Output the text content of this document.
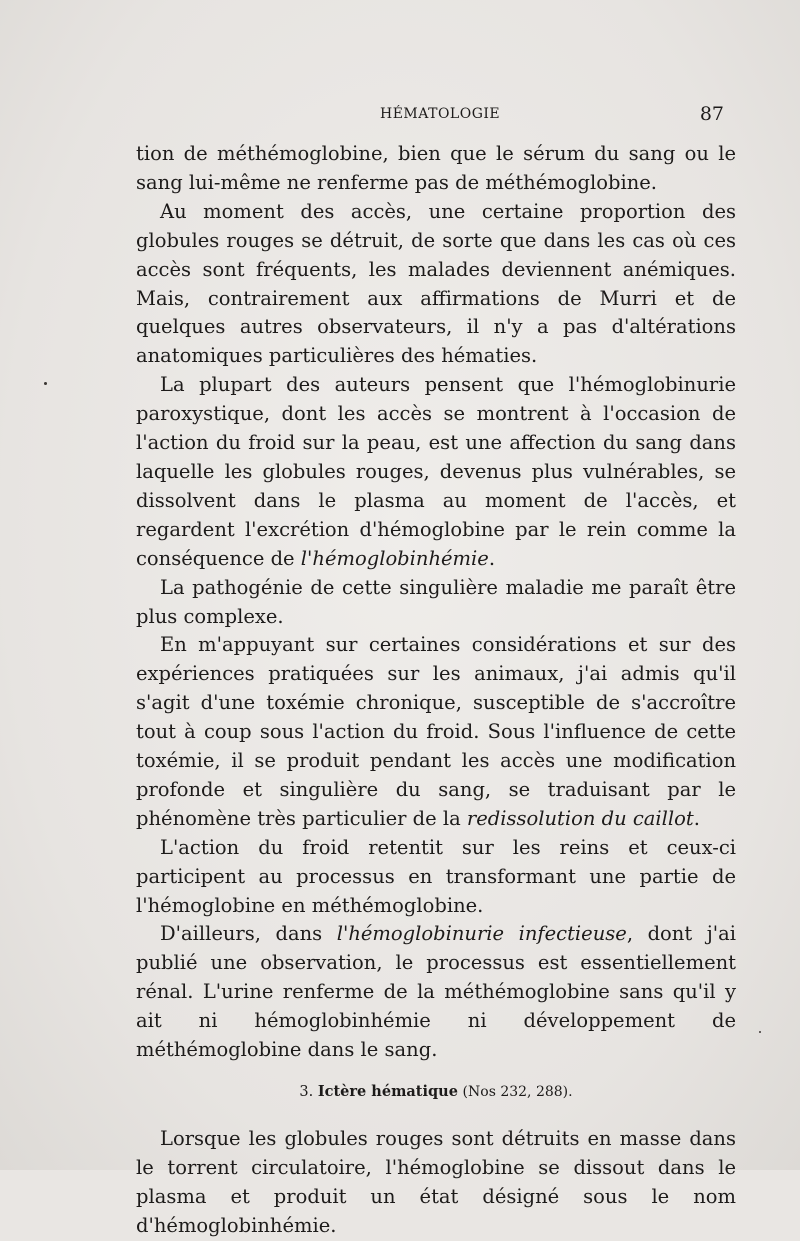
HÉMATOLOGIE	87

tion de méthémoglobine, bien que le sérum du sang ou le sang lui-même ne renferme pas de méthémoglobine.

Au moment des accès, une certaine proportion des globules rouges se détruit, de sorte que dans les cas où ces accès sont fréquents, les malades deviennent anémiques. Mais, contrairement aux affirmations de Murri et de quelques autres observateurs, il n'y a pas d'altérations anatomiques particulières des hématies.

La plupart des auteurs pensent que l'hémoglobinurie paroxystique, dont les accès se montrent à l'occasion de l'action du froid sur la peau, est une affection du sang dans laquelle les globules rouges, devenus plus vulnérables, se dissolvent dans le plasma au moment de l'accès, et regardent l'excrétion d'hémoglobine par le rein comme la conséquence de l'hémoglobinhémie.

La pathogénie de cette singulière maladie me paraît être plus complexe.

En m'appuyant sur certaines considérations et sur des expériences pratiquées sur les animaux, j'ai admis qu'il s'agit d'une toxémie chronique, susceptible de s'accroître tout à coup sous l'action du froid. Sous l'influence de cette toxémie, il se produit pendant les accès une modification profonde et singulière du sang, se traduisant par le phénomène très particulier de la redissolution du caillot.

L'action du froid retentit sur les reins et ceux-ci participent au processus en transformant une partie de l'hémoglobine en méthémoglobine.

D'ailleurs, dans l'hémoglobinurie infectieuse, dont j'ai publié une observation, le processus est essentiellement rénal. L'urine renferme de la méthémoglobine sans qu'il y ait ni hémoglobinhémie ni développement de méthémoglobine dans le sang.

3. Ictère hématique (Nos 232, 288).

Lorsque les globules rouges sont détruits en masse dans le torrent circulatoire, l'hémoglobine se dissout dans le plasma et produit un état désigné sous le nom d'hémoglobinhémie.
